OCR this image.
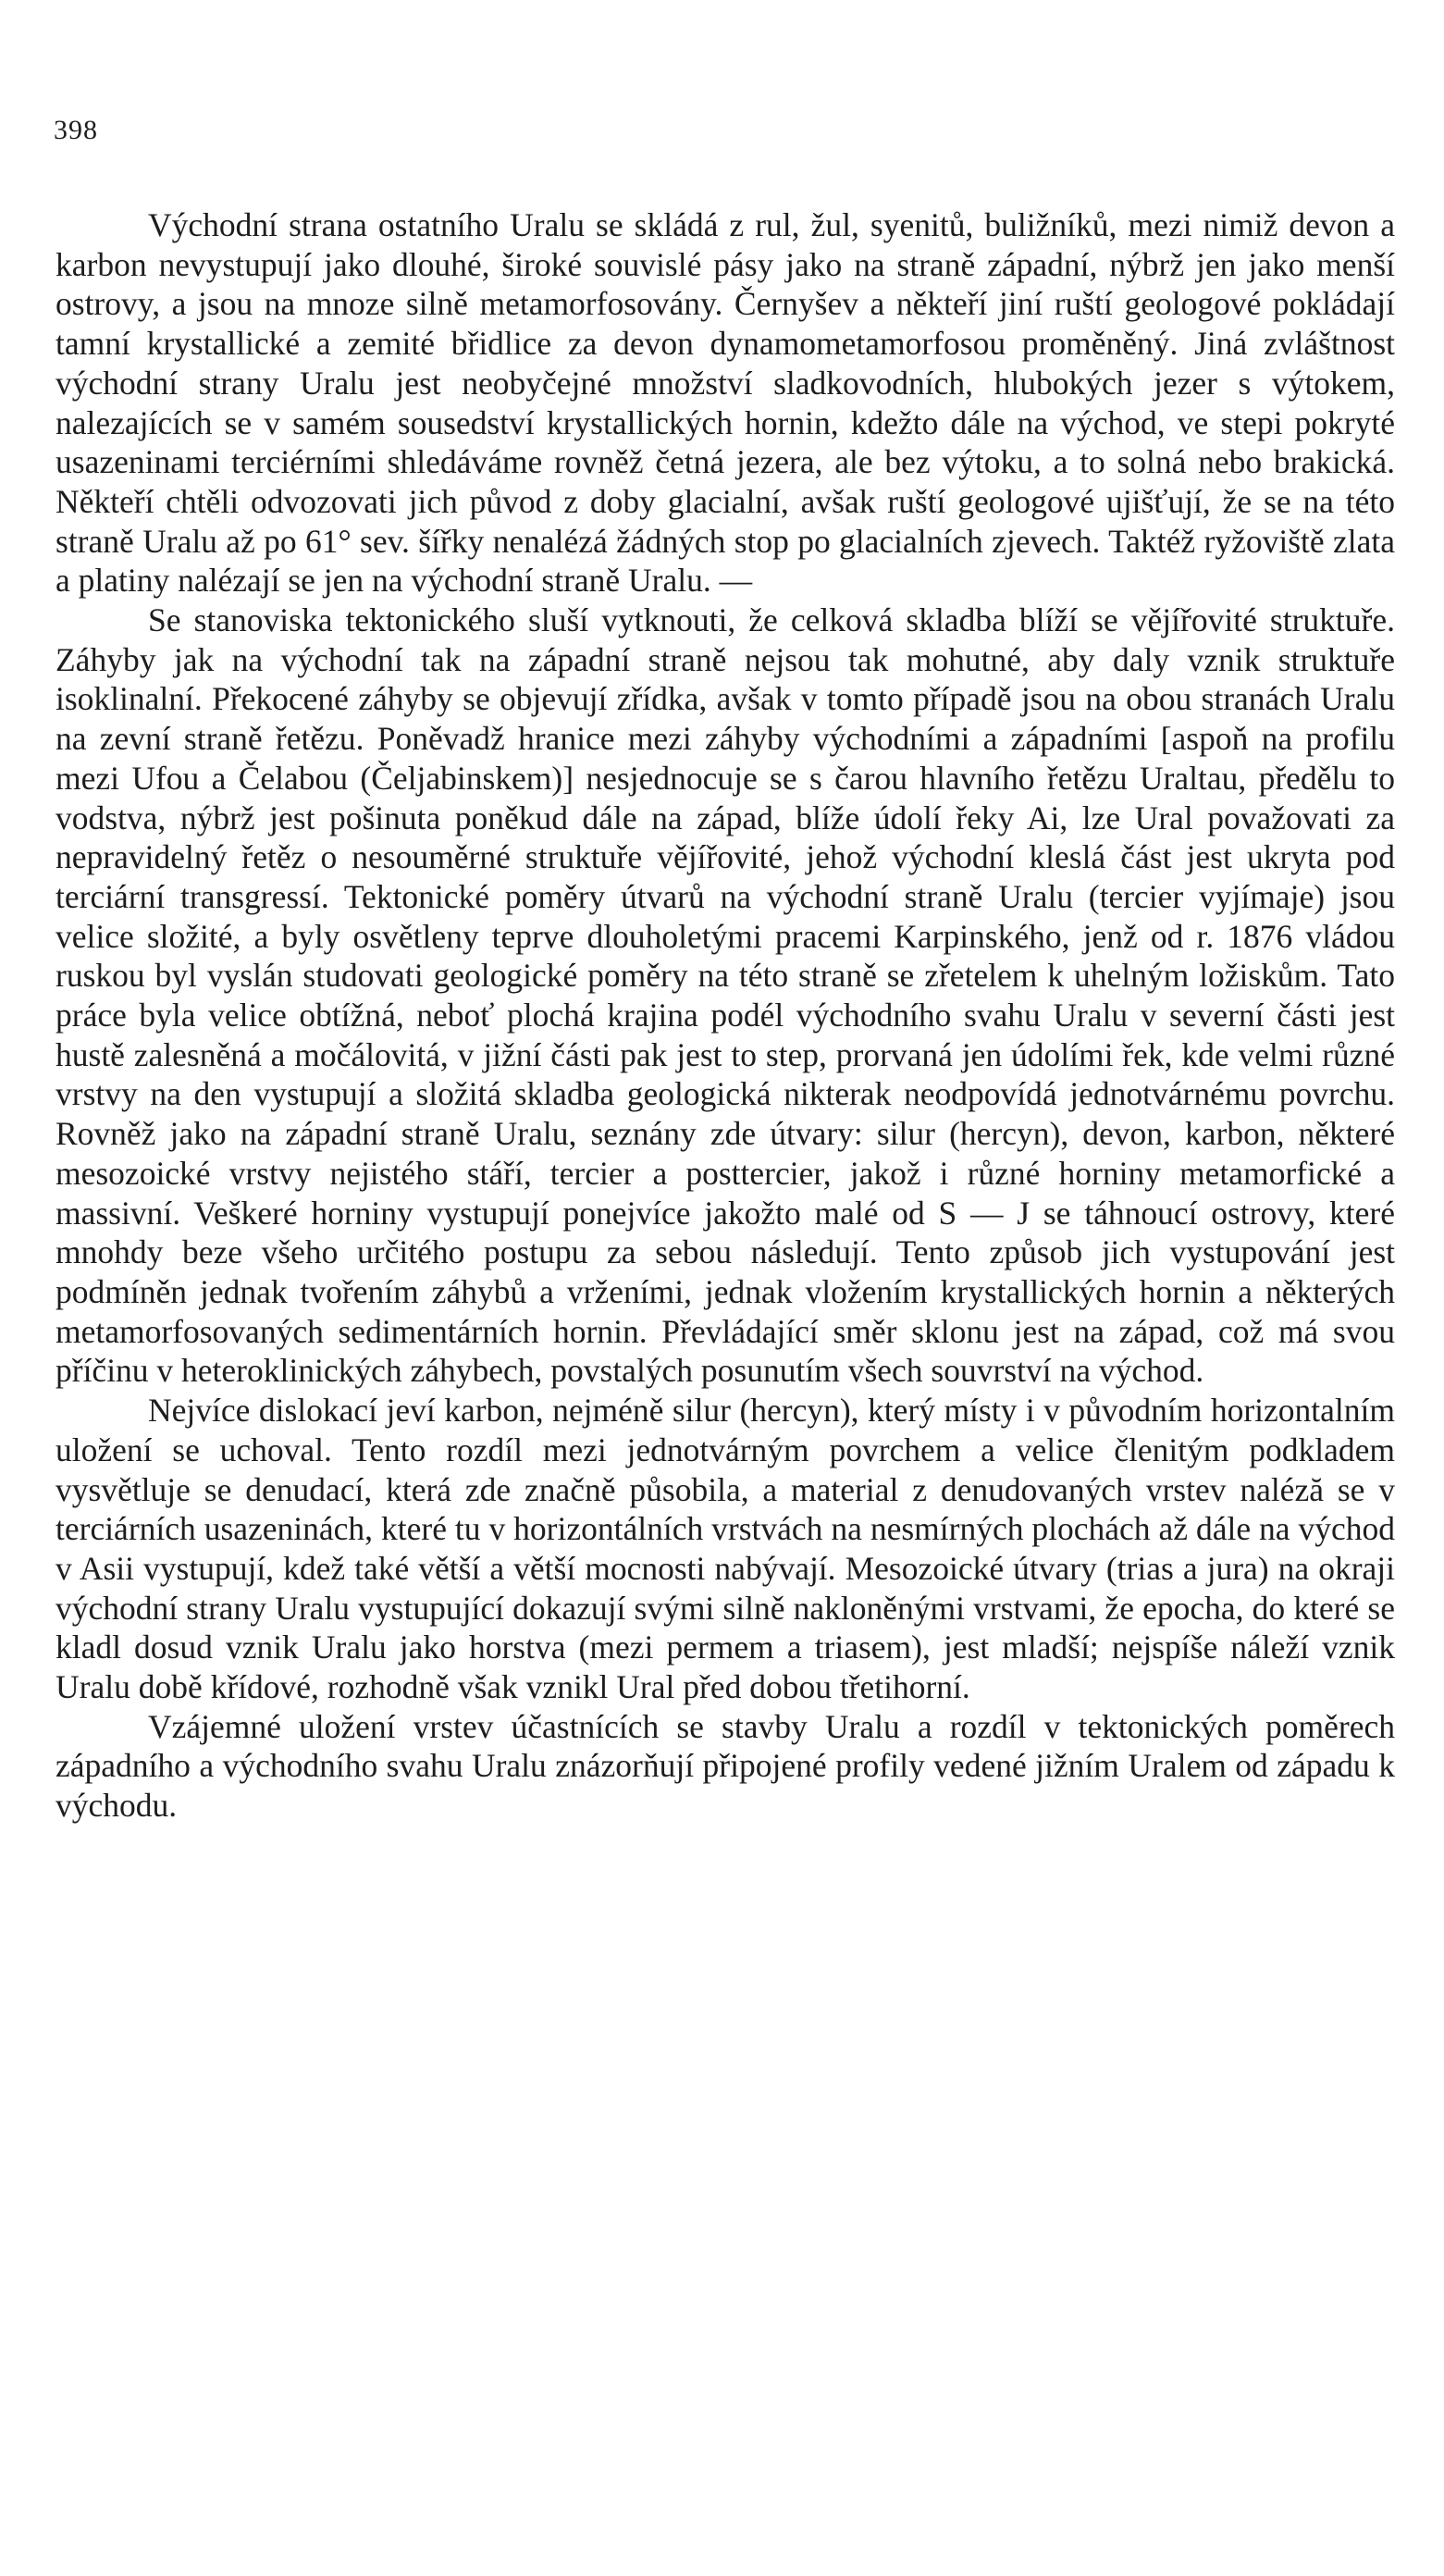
398

Východní strana ostatního Uralu se skládá z rul, žul, syenitů, buližníků, mezi nimiž devon a karbon nevystupují jako dlouhé, široké souvislé pásy jako na straně západní, nýbrž jen jako menší ostrovy, a jsou na mnoze silně metamorfosovány. Černyšev a někteří jiní ruští geologové pokládají tamní krystallické a zemité břidlice za devon dynamometamorfosou proměněný. Jiná zvláštnost východní strany Uralu jest neobyčejné množství sladkovodních, hlubokých jezer s výtokem, nalezajících se v samém sousedství krystallických hornin, kdežto dále na východ, ve stepi pokryté usazeninami terciérními shledáváme rovněž četná jezera, ale bez výtoku, a to solná nebo brakická. Někteří chtěli odvozovati jich původ z doby glacialní, avšak ruští geologové ujišťují, že se na této straně Uralu až po 61° sev. šířky nenalézá žádných stop po glacialních zjevech. Taktéž ryžoviště zlata a platiny nalézají se jen na východní straně Uralu. —

Se stanoviska tektonického sluší vytknouti, že celková skladba blíží se vějířovité struktuře. Záhyby jak na východní tak na západní straně nejsou tak mohutné, aby daly vznik struktuře isoklinalní. Překocené záhyby se objevují zřídka, avšak v tomto případě jsou na obou stranách Uralu na zevní straně řetězu. Poněvadž hranice mezi záhyby východními a západními [aspoň na profilu mezi Ufou a Čelabou (Čeljabinskem)] nesjednocuje se s čarou hlavního řetězu Uraltau, předělu to vodstva, nýbrž jest pošinuta poněkud dále na západ, blíže údolí řeky Ai, lze Ural považovati za nepravidelný řetěz o nesouměrné struktuře vějířovité, jehož východní kleslá část jest ukryta pod terciární transgressí. Tektonické poměry útvarů na východní straně Uralu (tercier vyjímaje) jsou velice složité, a byly osvětleny teprve dlouholetými pracemi Karpinského, jenž od r. 1876 vládou ruskou byl vyslán studovati geologické poměry na této straně se zřetelem k uhelným ložiskům. Tato práce byla velice obtížná, neboť plochá krajina podél východního svahu Uralu v severní části jest hustě zalesněná a močálovitá, v jižní části pak jest to step, prorvaná jen údolími řek, kde velmi různé vrstvy na den vystupují a složitá skladba geologická nikterak neodpovídá jednotvárnému povrchu. Rovněž jako na západní straně Uralu, seznány zde útvary: silur (hercyn), devon, karbon, některé mesozoické vrstvy nejistého stáří, tercier a posttercier, jakož i různé horniny metamorfické a massivní. Veškeré horniny vystupují ponejvíce jakožto malé od S — J se táhnoucí ostrovy, které mnohdy beze všeho určitého postupu za sebou následují. Tento způsob jich vystupování jest podmíněn jednak tvořením záhybů a vrženími, jednak vložením krystallických hornin a některých metamorfosovaných sedimentárních hornin. Převládající směr sklonu jest na západ, což má svou příčinu v heteroklinických záhybech, povstalých posunutím všech souvrství na východ.

Nejvíce dislokací jeví karbon, nejméně silur (hercyn), který místy i v původním horizontalním uložení se uchoval. Tento rozdíl mezi jednotvárným povrchem a velice členitým podkladem vysvětluje se denudací, která zde značně působila, a material z denudovaných vrstev naléză se v terciárních usazeninách, které tu v horizontálních vrstvách na nesmírných plochách až dále na východ v Asii vystupují, kdež také větší a větší mocnosti nabývají. Mesozoické útvary (trias a jura) na okraji východní strany Uralu vystupující dokazují svými silně nakloněnými vrstvami, že epocha, do které se kladl dosud vznik Uralu jako horstva (mezi permem a triasem), jest mladší; nejspíše náleží vznik Uralu době křídové, rozhodně však vznikl Ural před dobou třetihorní.

Vzájemné uložení vrstev účastnících se stavby Uralu a rozdíl v tektonických poměrech západního a východního svahu Uralu znázorňují připojené profily vedené jižním Uralem od západu k východu.
